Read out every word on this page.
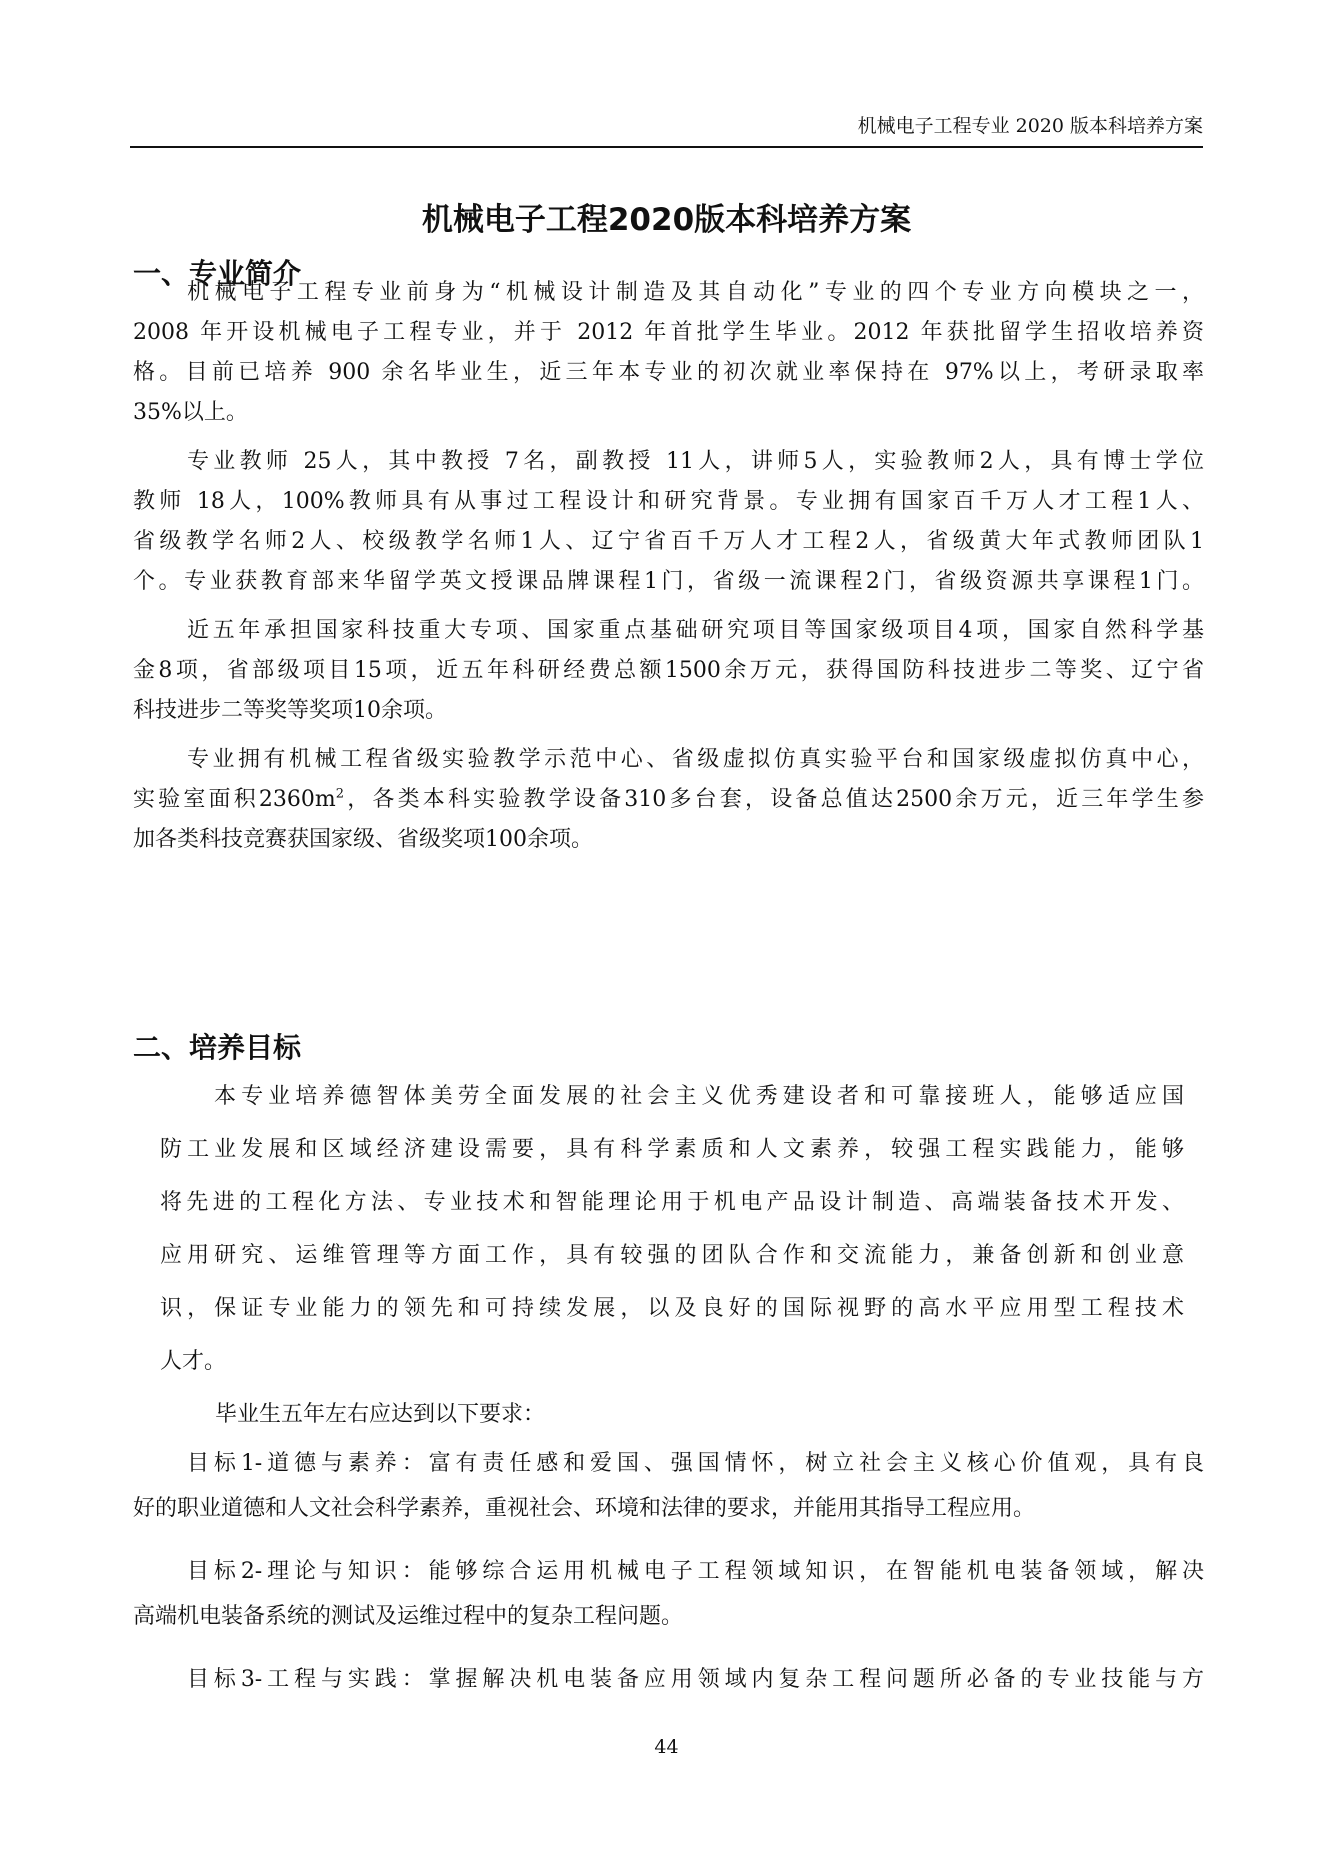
机械电子工程专业 2020 版本科培养方案
机械电子工程2020版本科培养方案
一、专业简介
机械电子工程专业前身为“机械设计制造及其自动化”专业的四个专业方向模块之一，
2008 年开设机械电子工程专业，并于 2012 年首批学生毕业。2012 年获批留学生招收培养资
格。目前已培养 900 余名毕业生，近三年本专业的初次就业率保持在 97%以上，考研录取率
35%以上。
专业教师 25人，其中教授 7名，副教授 11人，讲师5人，实验教师2人，具有博士学位
教师 18人，100%教师具有从事过工程设计和研究背景。专业拥有国家百千万人才工程1人、
省级教学名师2人、校级教学名师1人、辽宁省百千万人才工程2人，省级黄大年式教师团队1
个。专业获教育部来华留学英文授课品牌课程1门，省级一流课程2门，省级资源共享课程1门。
近五年承担国家科技重大专项、国家重点基础研究项目等国家级项目4项，国家自然科学基
金8项，省部级项目15项，近五年科研经费总额1500余万元，获得国防科技进步二等奖、辽宁省
科技进步二等奖等奖项10余项。
专业拥有机械工程省级实验教学示范中心、省级虚拟仿真实验平台和国家级虚拟仿真中心，
实验室面积$2360m^2$，各类本科实验教学设备310多台套，设备总值达2500余万元，近三年学生参
加各类科技竞赛获国家级、省级奖项100余项。
二、培养目标
本专业培养德智体美劳全面发展的社会主义优秀建设者和可靠接班人，能够适应国
防工业发展和区域经济建设需要，具有科学素质和人文素养，较强工程实践能力，能够
将先进的工程化方法、专业技术和智能理论用于机电产品设计制造、高端装备技术开发、
应用研究、运维管理等方面工作，具有较强的团队合作和交流能力，兼备创新和创业意
识，保证专业能力的领先和可持续发展，以及良好的国际视野的高水平应用型工程技术
人才。
毕业生五年左右应达到以下要求：
目标1-道德与素养：富有责任感和爱国、强国情怀，树立社会主义核心价值观，具有良
好的职业道德和人文社会科学素养，重视社会、环境和法律的要求，并能用其指导工程应用。
目标2-理论与知识：能够综合运用机械电子工程领域知识，在智能机电装备领域，解决
高端机电装备系统的测试及运维过程中的复杂工程问题。
目标3-工程与实践：掌握解决机电装备应用领域内复杂工程问题所必备的专业技能与方
44
